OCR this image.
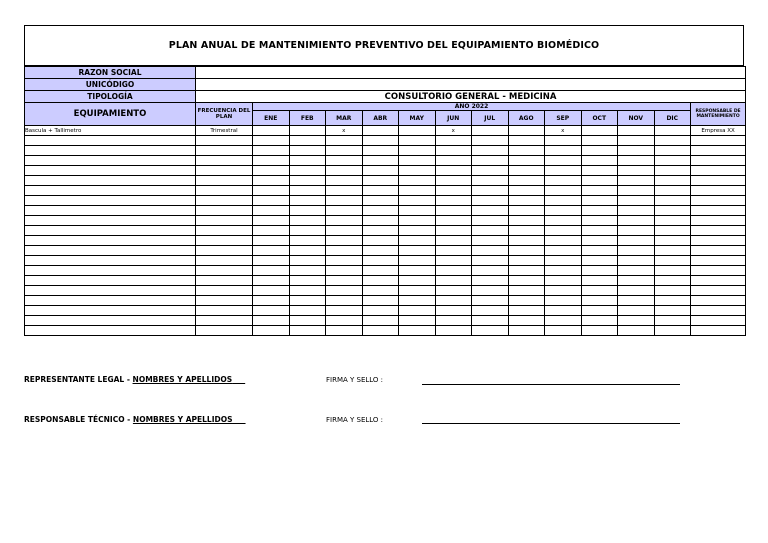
PLAN ANUAL DE MANTENIMIENTO PREVENTIVO DEL EQUIPAMIENTO BIOMÉDICO
RAZON SOCIAL														
UNICÓDIGO														
TIPOLOGÍA	CONSULTORIO GENERAL - MEDICINA													
EQUIPAMIENTO	FRECUENCIA DEL PLAN	AÑO 2022												RESPONSABLE DE MANTENIMIENTO
		ENE	FEB	MAR	ABR	MAY	JUN	JUL	AGO	SEP	OCT	NOV	DIC	
Bascula + Tallimetro	Trimestral			x			x			x				Empresa XX

REPRESENTANTE LEGAL - NOMBRES Y APELLIDOS	FIRMA Y SELLO :
RESPONSABLE TÉCNICO - NOMBRES Y APELLIDOS	FIRMA Y SELLO :
